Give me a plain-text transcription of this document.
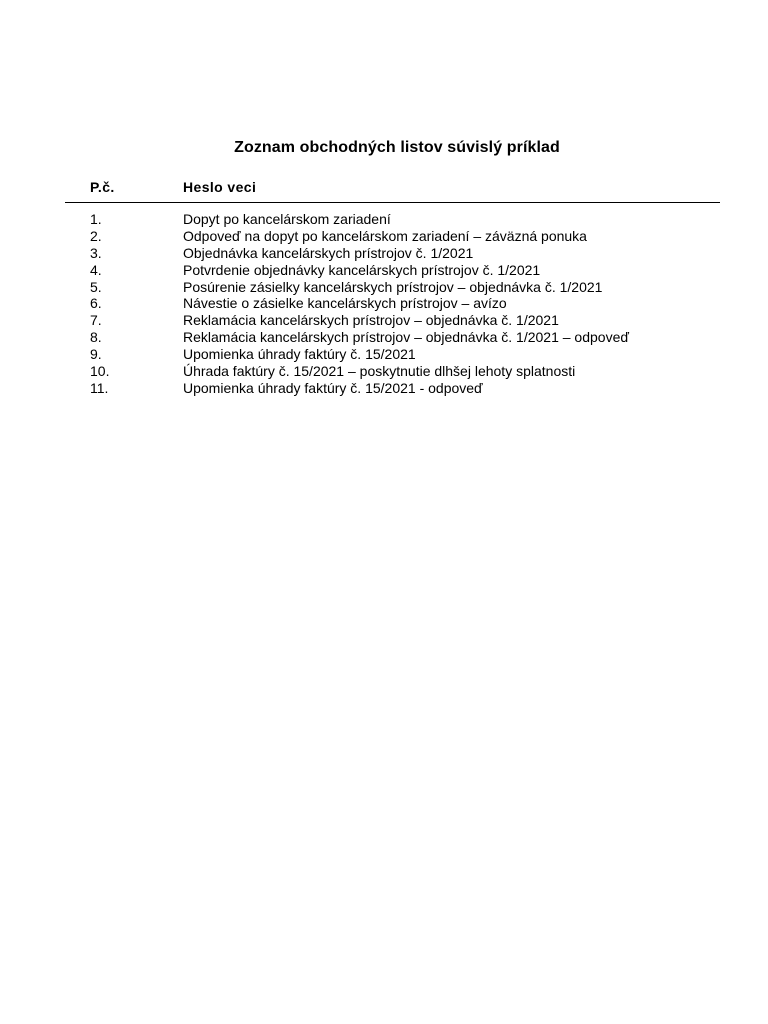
Zoznam obchodných listov súvislý príklad
P.č.	Heslo veci
1.	Dopyt po kancelárskom zariadení
2.	Odpoveď na dopyt po kancelárskom zariadení – záväzná ponuka
3.	Objednávka kancelárskych prístrojov č. 1/2021
4.	Potvrdenie objednávky kancelárskych prístrojov č. 1/2021
5.	Posúrenie zásielky kancelárskych prístrojov – objednávka č. 1/2021
6.	Návestie o zásielke kancelárskych prístrojov – avízo
7.	Reklamácia kancelárskych prístrojov – objednávka č. 1/2021
8.	Reklamácia kancelárskych prístrojov – objednávka č. 1/2021 – odpoveď
9.	Upomienka úhrady faktúry č. 15/2021
10.	Úhrada faktúry č. 15/2021 – poskytnutie dlhšej lehoty splatnosti
11.	Upomienka úhrady faktúry č. 15/2021 - odpoveď
